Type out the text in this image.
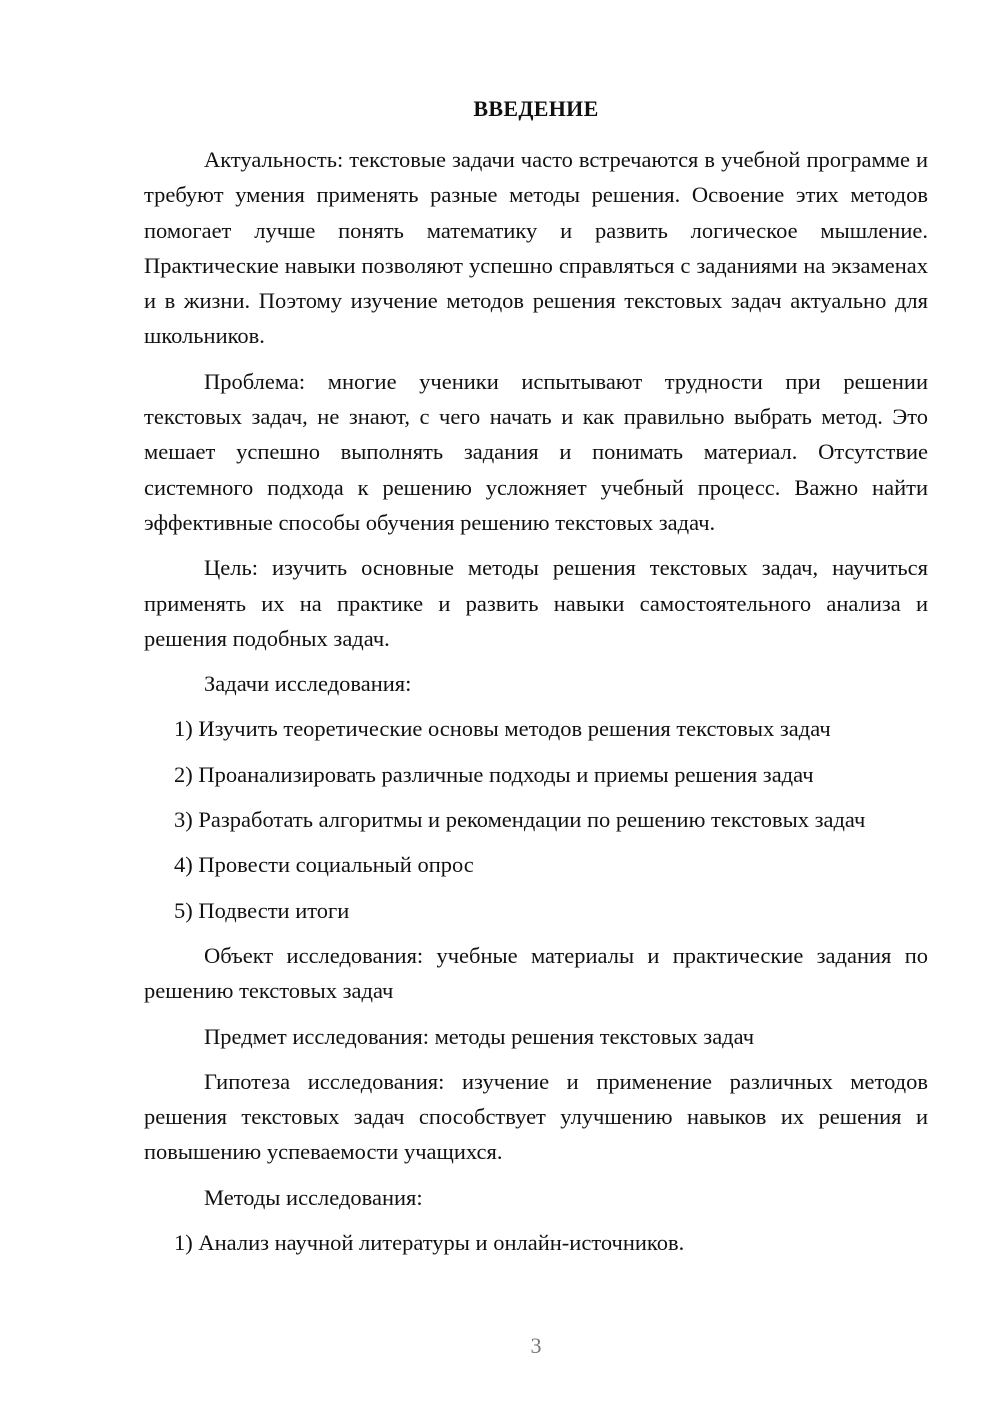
ВВЕДЕНИЕ

Актуальность: текстовые задачи часто встречаются в учебной программе и требуют умения применять разные методы решения. Освоение этих методов помогает лучше понять математику и развить логическое мышление. Практические навыки позволяют успешно справляться с заданиями на экзаменах и в жизни. Поэтому изучение методов решения текстовых задач актуально для школьников.

Проблема: многие ученики испытывают трудности при решении текстовых задач, не знают, с чего начать и как правильно выбрать метод. Это мешает успешно выполнять задания и понимать материал. Отсутствие системного подхода к решению усложняет учебный процесс. Важно найти эффективные способы обучения решению текстовых задач.

Цель: изучить основные методы решения текстовых задач, научиться применять их на практике и развить навыки самостоятельного анализа и решения подобных задач.

Задачи исследования:

1) Изучить теоретические основы методов решения текстовых задач

2) Проанализировать различные подходы и приемы решения задач

3) Разработать алгоритмы и рекомендации по решению текстовых задач

4) Провести социальный опрос

5) Подвести итоги

Объект исследования: учебные материалы и практические задания по решению текстовых задач

Предмет исследования: методы решения текстовых задач

Гипотеза исследования: изучение и применение различных методов решения текстовых задач способствует улучшению навыков их решения и повышению успеваемости учащихся.

Методы исследования:

1) Анализ научной литературы и онлайн-источников.

3
